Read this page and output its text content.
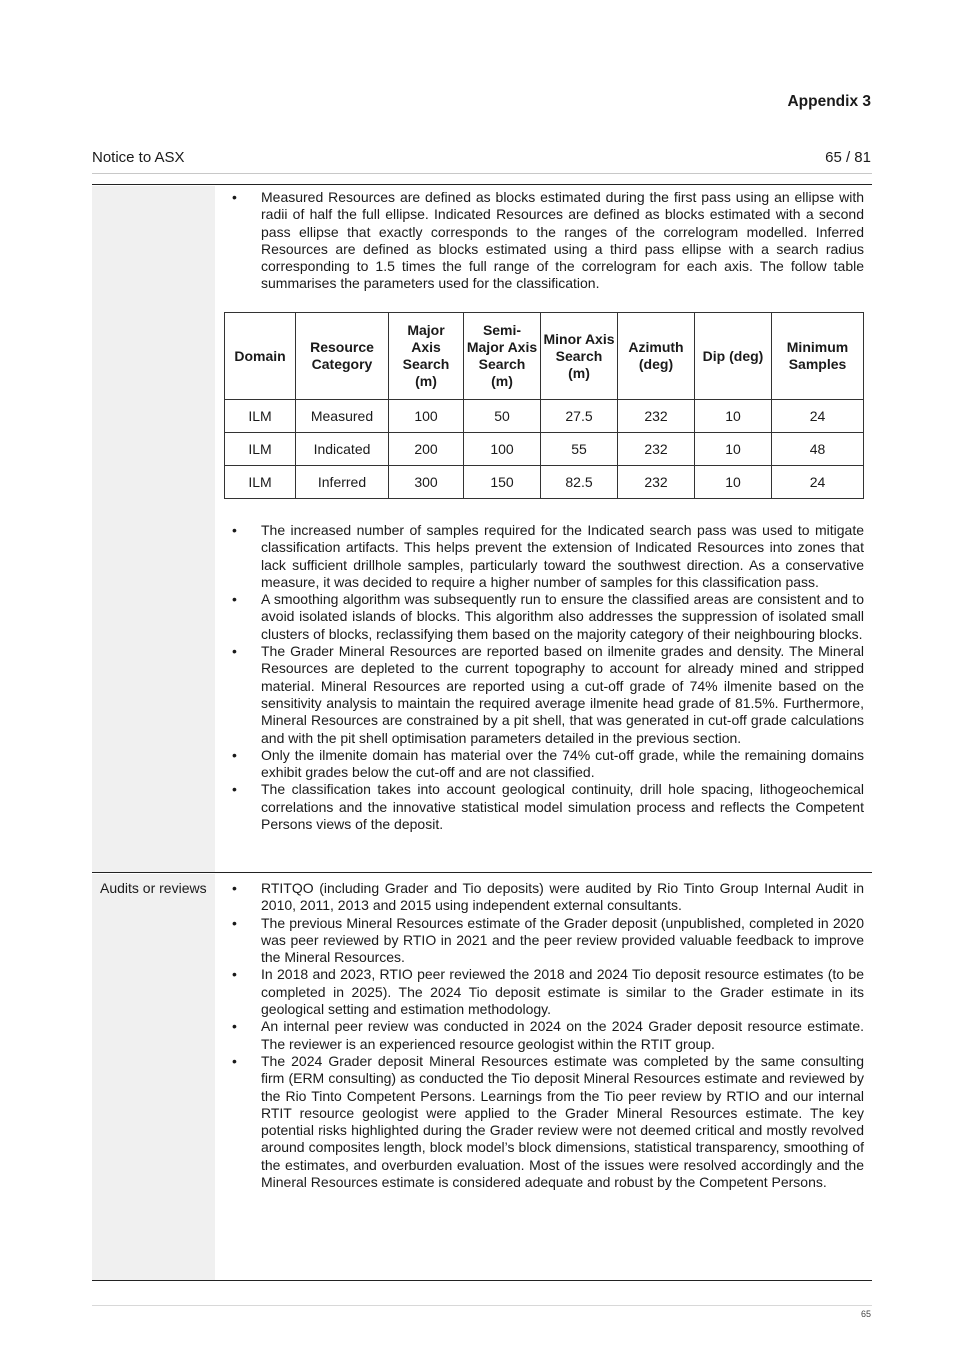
Appendix 3
Notice to ASX	65 / 81
• Measured Resources are defined as blocks estimated during the first pass using an ellipse with radii of half the full ellipse. Indicated Resources are defined as blocks estimated with a second pass ellipse that exactly corresponds to the ranges of the correlogram modelled. Inferred Resources are defined as blocks estimated using a third pass ellipse with a search radius corresponding to 1.5 times the full range of the correlogram for each axis. The follow table summarises the parameters used for the classification.
Domain	Resource Category	Major Axis Search (m)	Semi-Major Axis Search (m)	Minor Axis Search (m)	Azimuth (deg)	Dip (deg)	Minimum Samples
ILM	Measured	100	50	27.5	232	10	24
ILM	Indicated	200	100	55	232	10	48
ILM	Inferred	300	150	82.5	232	10	24
• The increased number of samples required for the Indicated search pass was used to mitigate classification artifacts. This helps prevent the extension of Indicated Resources into zones that lack sufficient drillhole samples, particularly toward the southwest direction. As a conservative measure, it was decided to require a higher number of samples for this classification pass.
• A smoothing algorithm was subsequently run to ensure the classified areas are consistent and to avoid isolated islands of blocks. This algorithm also addresses the suppression of isolated small clusters of blocks, reclassifying them based on the majority category of their neighbouring blocks.
• The Grader Mineral Resources are reported based on ilmenite grades and density. The Mineral Resources are depleted to the current topography to account for already mined and stripped material. Mineral Resources are reported using a cut-off grade of 74% ilmenite based on the sensitivity analysis to maintain the required average ilmenite head grade of 81.5%. Furthermore, Mineral Resources are constrained by a pit shell, that was generated in cut-off grade calculations and with the pit shell optimisation parameters detailed in the previous section.
• Only the ilmenite domain has material over the 74% cut-off grade, while the remaining domains exhibit grades below the cut-off and are not classified.
• The classification takes into account geological continuity, drill hole spacing, lithogeochemical correlations and the innovative statistical model simulation process and reflects the Competent Persons views of the deposit.
Audits or reviews	• RTITQO (including Grader and Tio deposits) were audited by Rio Tinto Group Internal Audit in 2010, 2011, 2013 and 2015 using independent external consultants.
• The previous Mineral Resources estimate of the Grader deposit (unpublished, completed in 2020 was peer reviewed by RTIO in 2021 and the peer review provided valuable feedback to improve the Mineral Resources.
• In 2018 and 2023, RTIO peer reviewed the 2018 and 2024 Tio deposit resource estimates (to be completed in 2025). The 2024 Tio deposit estimate is similar to the Grader estimate in its geological setting and estimation methodology.
• An internal peer review was conducted in 2024 on the 2024 Grader deposit resource estimate. The reviewer is an experienced resource geologist within the RTIT group.
• The 2024 Grader deposit Mineral Resources estimate was completed by the same consulting firm (ERM consulting) as conducted the Tio deposit Mineral Resources estimate and reviewed by the Rio Tinto Competent Persons. Learnings from the Tio peer review by RTIO and our internal RTIT resource geologist were applied to the Grader Mineral Resources estimate. The key potential risks highlighted during the Grader review were not deemed critical and mostly revolved around composites length, block model’s block dimensions, statistical transparency, smoothing of the estimates, and overburden evaluation. Most of the issues were resolved accordingly and the Mineral Resources estimate is considered adequate and robust by the Competent Persons.
65
